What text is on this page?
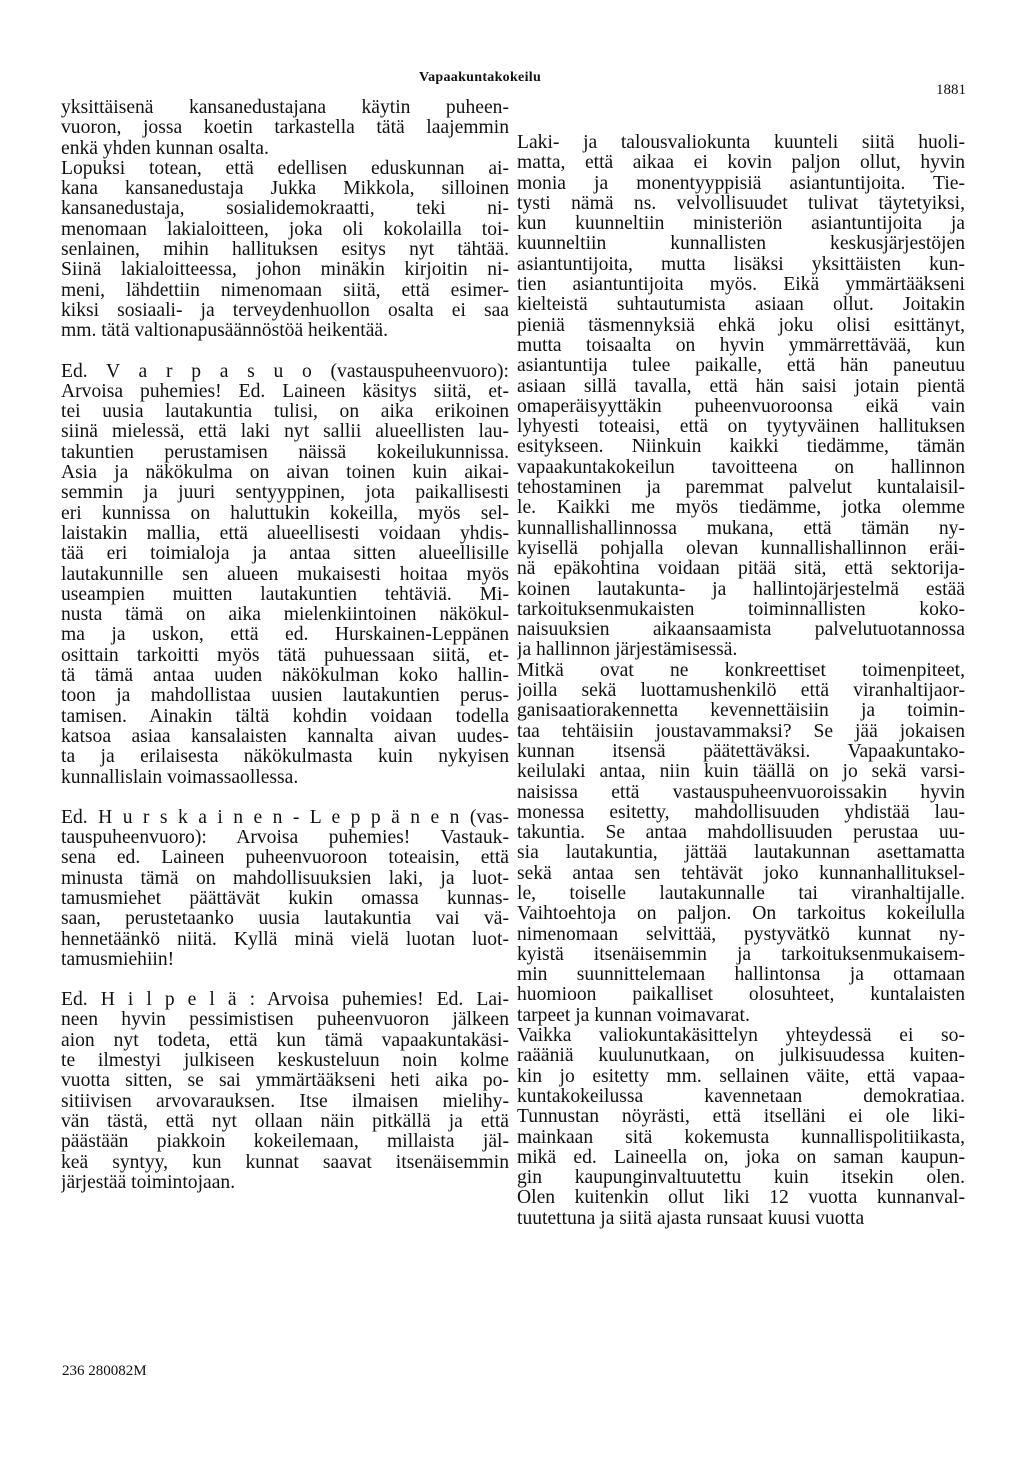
Vapaakuntakokeilu
1881
yksittäisenä kansanedustajana käytin puheen-
vuoron, jossa koetin tarkastella tätä laajemmin
enkä yhden kunnan osalta.
Lopuksi totean, että edellisen eduskunnan ai-
kana kansanedustaja Jukka Mikkola, silloinen
kansanedustaja, sosialidemokraatti, teki ni-
menomaan lakialoitteen, joka oli kokolailla toi-
senlainen, mihin hallituksen esitys nyt tähtää.
Siinä lakialoitteessa, johon minäkin kirjoitin ni-
meni, lähdettiin nimenomaan siitä, että esimer-
kiksi sosiaali- ja terveydenhuollon osalta ei saa
mm. tätä valtionapusäännöstöä heikentää.
Ed. V a r p a s u o (vastauspuheenvuoro):
Arvoisa puhemies! Ed. Laineen käsitys siitä, et-
tei uusia lautakuntia tulisi, on aika erikoinen
siinä mielessä, että laki nyt sallii alueellisten lau-
takuntien perustamisen näissä kokeilukunnissa.
Asia ja näkökulma on aivan toinen kuin aikai-
semmin ja juuri sentyyppinen, jota paikallisesti
eri kunnissa on haluttukin kokeilla, myös sel-
laistakin mallia, että alueellisesti voidaan yhdis-
tää eri toimialoja ja antaa sitten alueellisille
lautakunnille sen alueen mukaisesti hoitaa myös
useampien muitten lautakuntien tehtäviä. Mi-
nusta tämä on aika mielenkiintoinen näkökul-
ma ja uskon, että ed. Hurskainen-Leppänen
osittain tarkoitti myös tätä puhuessaan siitä, et-
tä tämä antaa uuden näkökulman koko hallin-
toon ja mahdollistaa uusien lautakuntien perus-
tamisen. Ainakin tältä kohdin voidaan todella
katsoa asiaa kansalaisten kannalta aivan uudes-
ta ja erilaisesta näkökulmasta kuin nykyisen
kunnallislain voimassaollessa.
Ed. H u r s k a i n e n - L e p p ä n e n (vas-
tauspuheenvuoro): Arvoisa puhemies! Vastauk-
sena ed. Laineen puheenvuoroon toteaisin, että
minusta tämä on mahdollisuuksien laki, ja luot-
tamusmiehet päättävät kukin omassa kunnas-
saan, perustetaanko uusia lautakuntia vai vä-
hennetäänkö niitä. Kyllä minä vielä luotan luot-
tamusmiehiin!
Ed. H i l p e l ä : Arvoisa puhemies! Ed. Lai-
neen hyvin pessimistisen puheenvuoron jälkeen
aion nyt todeta, että kun tämä vapaakuntakäsi-
te ilmestyi julkiseen keskusteluun noin kolme
vuotta sitten, se sai ymmärtääkseni heti aika po-
sitiivisen arvovarauksen. Itse ilmaisen mielihy-
vän tästä, että nyt ollaan näin pitkällä ja että
päästään piakkoin kokeilemaan, millaista jäl-
keä syntyy, kun kunnat saavat itsenäisemmin
järjestää toimintojaan.
Laki- ja talousvaliokunta kuunteli siitä huoli-
matta, että aikaa ei kovin paljon ollut, hyvin
monia ja monentyyppisiä asiantuntijoita. Tie-
tysti nämä ns. velvollisuudet tulivat täytetyiksi,
kun kuunneltiin ministeriön asiantuntijoita ja
kuunneltiin kunnallisten keskusjärjestöjen
asiantuntijoita, mutta lisäksi yksittäisten kun-
tien asiantuntijoita myös. Eikä ymmärtääkseni
kielteistä suhtautumista asiaan ollut. Joitakin
pieniä täsmennyksiä ehkä joku olisi esittänyt,
mutta toisaalta on hyvin ymmärrettävää, kun
asiantuntija tulee paikalle, että hän paneutuu
asiaan sillä tavalla, että hän saisi jotain pientä
omaperäisyyttäkin puheenvuoroonsa eikä vain
lyhyesti toteaisi, että on tyytyväinen hallituksen
esitykseen. Niinkuin kaikki tiedämme, tämän
vapaakuntakokeilun tavoitteena on hallinnon
tehostaminen ja paremmat palvelut kuntalaisil-
le. Kaikki me myös tiedämme, jotka olemme
kunnallishallinnossa mukana, että tämän ny-
kyisellä pohjalla olevan kunnallishallinnon eräi-
nä epäkohtina voidaan pitää sitä, että sektorija-
koinen lautakunta- ja hallintojärjestelmä estää
tarkoituksenmukaisten toiminnallisten koko-
naisuuksien aikaansaamista palvelutuotannossa
ja hallinnon järjestämisessä.
Mitkä ovat ne konkreettiset toimenpiteet,
joilla sekä luottamushenkilö että viranhaltijaor-
ganisaatiorakennetta kevennettäisiin ja toimin-
taa tehtäisiin joustavammaksi? Se jää jokaisen
kunnan itsensä päätettäväksi. Vapaakuntako-
keilulaki antaa, niin kuin täällä on jo sekä varsi-
naisissa että vastauspuheenvuoroissakin hyvin
monessa esitetty, mahdollisuuden yhdistää lau-
takuntia. Se antaa mahdollisuuden perustaa uu-
sia lautakuntia, jättää lautakunnan asettamatta
sekä antaa sen tehtävät joko kunnanhallituksel-
le, toiselle lautakunnalle tai viranhaltijalle.
Vaihtoehtoja on paljon. On tarkoitus kokeilulla
nimenomaan selvittää, pystyvätkö kunnat ny-
kyistä itsenäisemmin ja tarkoituksenmukaisem-
min suunnittelemaan hallintonsa ja ottamaan
huomioon paikalliset olosuhteet, kuntalaisten
tarpeet ja kunnan voimavarat.
Vaikka valiokuntakäsittelyn yhteydessä ei so-
raääniä kuulunutkaan, on julkisuudessa kuiten-
kin jo esitetty mm. sellainen väite, että vapaa-
kuntakokeilussa kavennetaan demokratiaa.
Tunnustan nöyrästi, että itselläni ei ole liki-
mainkaan sitä kokemusta kunnallispolitiikasta,
mikä ed. Laineella on, joka on saman kaupun-
gin kaupunginvaltuutettu kuin itsekin olen.
Olen kuitenkin ollut liki 12 vuotta kunnanval-
tuutettuna ja siitä ajasta runsaat kuusi vuotta
236 280082M
